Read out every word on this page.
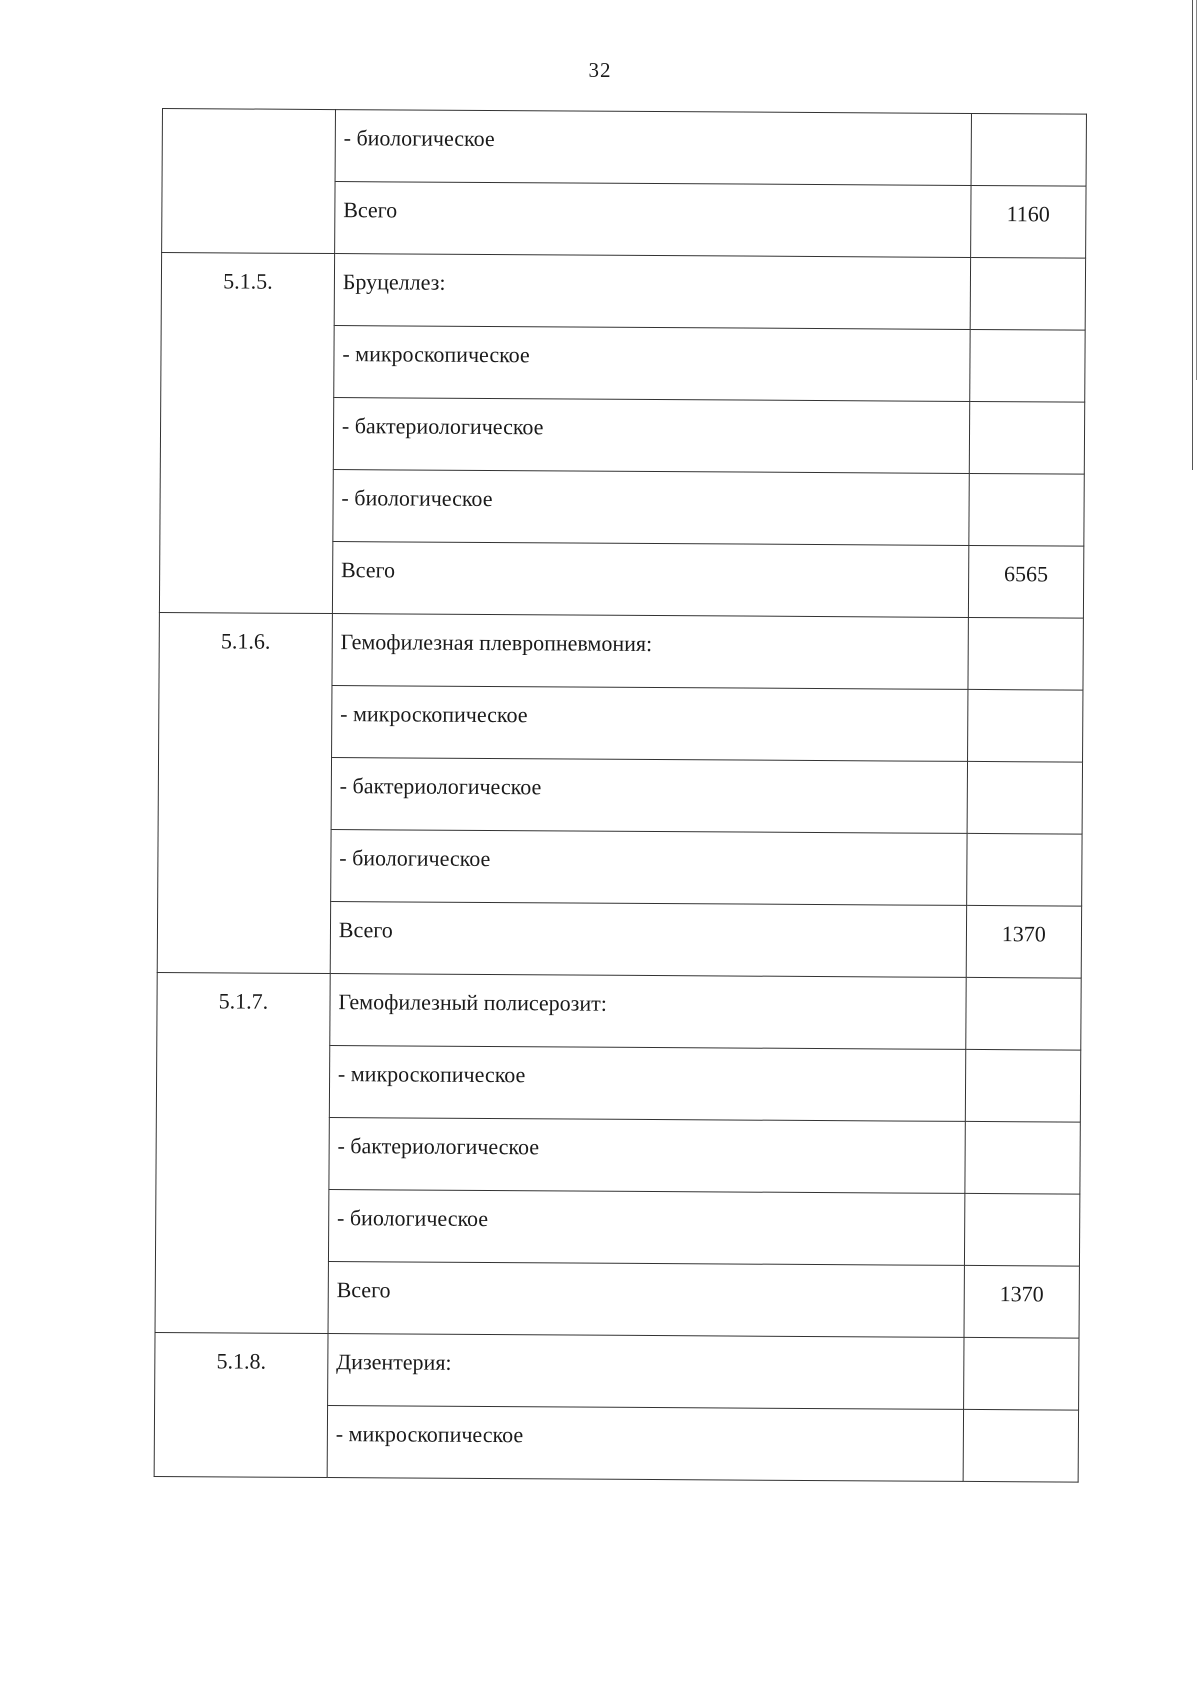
32

	- биологическое	

	Всего	1160

5.1.5.	Бруцеллез:	

	- микроскопическое	

	- бактериологическое	

	- биологическое	

	Всего	6565

5.1.6.	Гемофилезная плевропневмония:	

	- микроскопическое	

	- бактериологическое	

	- биологическое	

	Всего	1370

5.1.7.	Гемофилезный полисерозит:	

	- микроскопическое	

	- бактериологическое	

	- биологическое	

	Всего	1370

5.1.8.	Дизентерия:	

	- микроскопическое	
